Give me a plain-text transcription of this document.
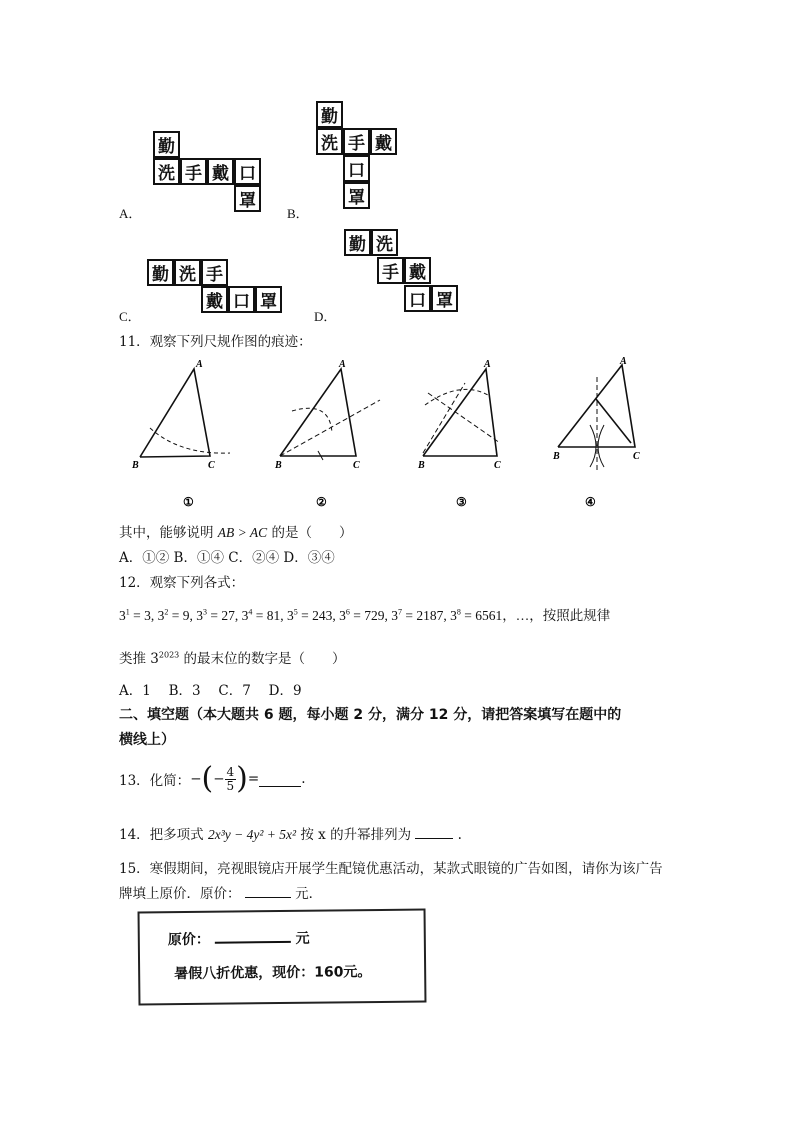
A．	B．
C．	D．
勤
洗 手 戴 口
罩
勤
洗 手 戴
口
罩
勤 洗 手
戴 口 罩
勤 洗
手 戴
口 罩
11．观察下列尺规作图的痕迹：
A
B	C
①
A
B	C
②
A
B	C
③
A
B	C
④
其中，能够说明 AB > AC 的是（　　）
A．①② B．①④ C．②④ D．③④
12．观察下列各式：
$3^1 = 3$, $3^2 = 9$, $3^3 = 27$, $3^4 = 81$, $3^5 = 243$, $3^6 = 729$, $3^7 = 2187$, $3^8 = 6561$，…，按照此规律
类推 $3^{2023}$ 的最末位的数字是（　　）
A．1　 B．3　 C．7　 D．9
二、填空题（本大题共 6 题，每小题 2 分，满分 12 分，请把答案填写在题中的
横线上）
13．化简： − ( − $\frac{4}{5}$ ) =	.
14．把多项式 2x³y − 4y² + 5x² 按 x 的升幂排列为	.
15．寒假期间，亮视眼镜店开展学生配镜优惠活动，某款式眼镜的广告如图，请你为该广告
牌填上原价．原价：	元．
原价：	元
暑假八折优惠，现价：160元。
